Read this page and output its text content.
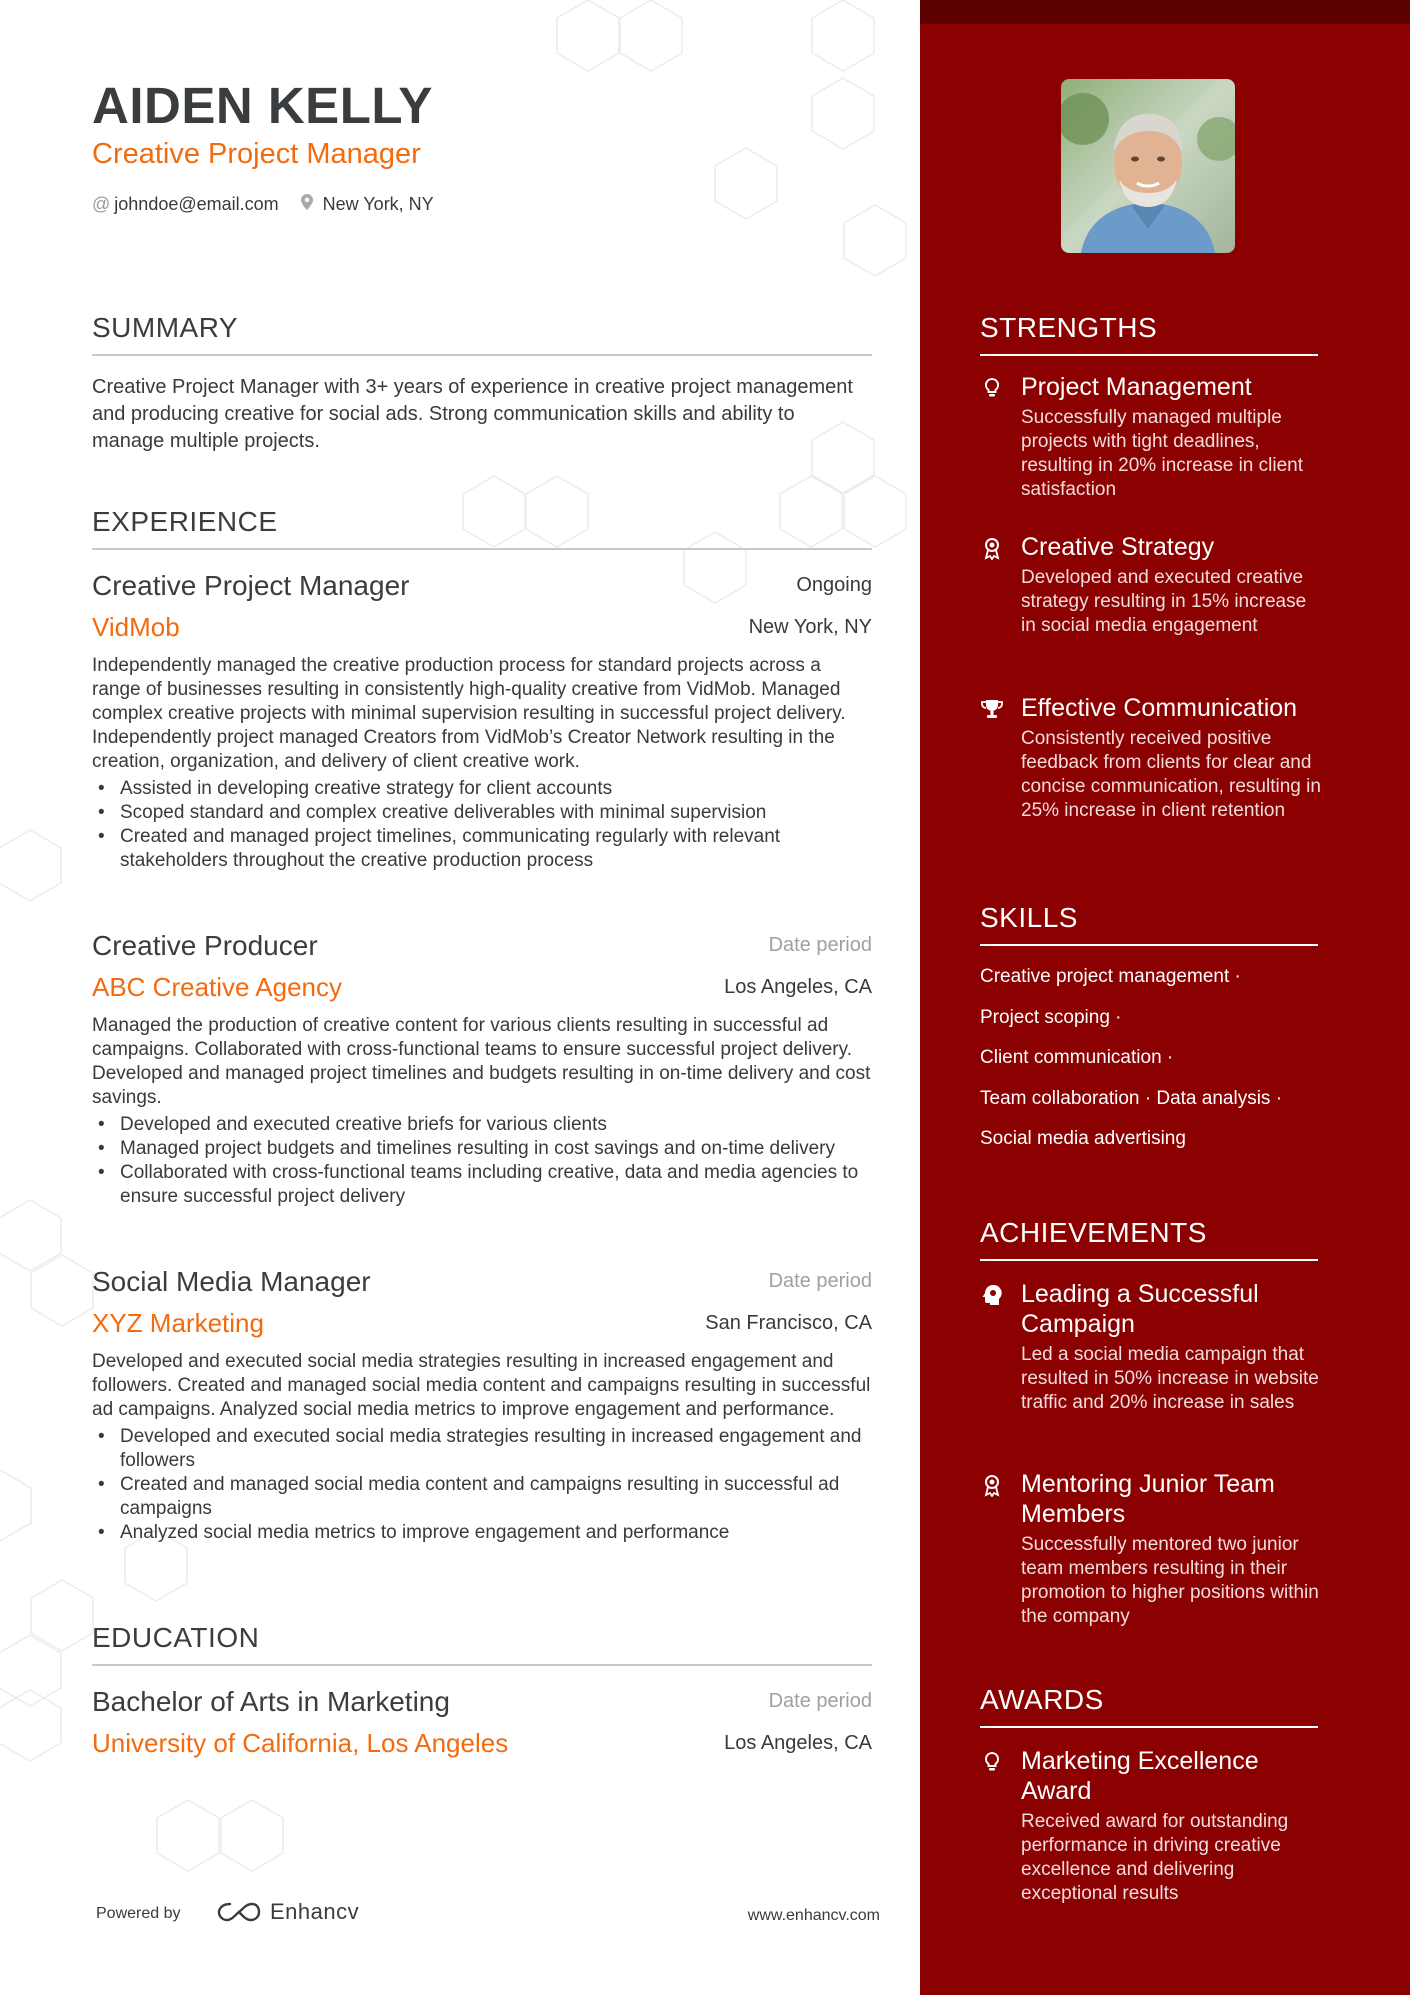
AIDEN KELLY
Creative Project Manager
@ johndoe@email.com New York, NY
SUMMARY
Creative Project Manager with 3+ years of experience in creative project management and producing creative for social ads. Strong communication skills and ability to manage multiple projects.
EXPERIENCE
Creative Project Manager	Ongoing
VidMob	New York, NY

Independently managed the creative production process for standard projects across a range of businesses resulting in consistently high-quality creative from VidMob. Managed complex creative projects with minimal supervision resulting in successful project delivery. Independently project managed Creators from VidMob’s Creator Network resulting in the creation, organization, and delivery of client creative work.

• Assisted in developing creative strategy for client accounts
• Scoped standard and complex creative deliverables with minimal supervision
• Created and managed project timelines, communicating regularly with relevant stakeholders throughout the creative production process
Creative Producer	Date period
ABC Creative Agency	Los Angeles, CA

Managed the production of creative content for various clients resulting in successful ad campaigns. Collaborated with cross-functional teams to ensure successful project delivery. Developed and managed project timelines and budgets resulting in on-time delivery and cost savings.

• Developed and executed creative briefs for various clients
• Managed project budgets and timelines resulting in cost savings and on-time delivery
• Collaborated with cross-functional teams including creative, data and media agencies to ensure successful project delivery
Social Media Manager	Date period
XYZ Marketing	San Francisco, CA

Developed and executed social media strategies resulting in increased engagement and followers. Created and managed social media content and campaigns resulting in successful ad campaigns. Analyzed social media metrics to improve engagement and performance.

• Developed and executed social media strategies resulting in increased engagement and followers
• Created and managed social media content and campaigns resulting in successful ad campaigns
• Analyzed social media metrics to improve engagement and performance
EDUCATION
Bachelor of Arts in Marketing	Date period
University of California, Los Angeles	Los Angeles, CA
Powered by	Enhancv	www.enhancv.com
STRENGTHS
Project Management
Successfully managed multiple projects with tight deadlines, resulting in 20% increase in client satisfaction
Creative Strategy
Developed and executed creative strategy resulting in 15% increase in social media engagement
Effective Communication
Consistently received positive feedback from clients for clear and concise communication, resulting in 25% increase in client retention
SKILLS
Creative project management ·
Project scoping ·
Client communication ·
Team collaboration · Data analysis ·
Social media advertising
ACHIEVEMENTS
Leading a Successful Campaign
Led a social media campaign that resulted in 50% increase in website traffic and 20% increase in sales
Mentoring Junior Team Members
Successfully mentored two junior team members resulting in their promotion to higher positions within the company
AWARDS
Marketing Excellence Award
Received award for outstanding performance in driving creative excellence and delivering exceptional results
